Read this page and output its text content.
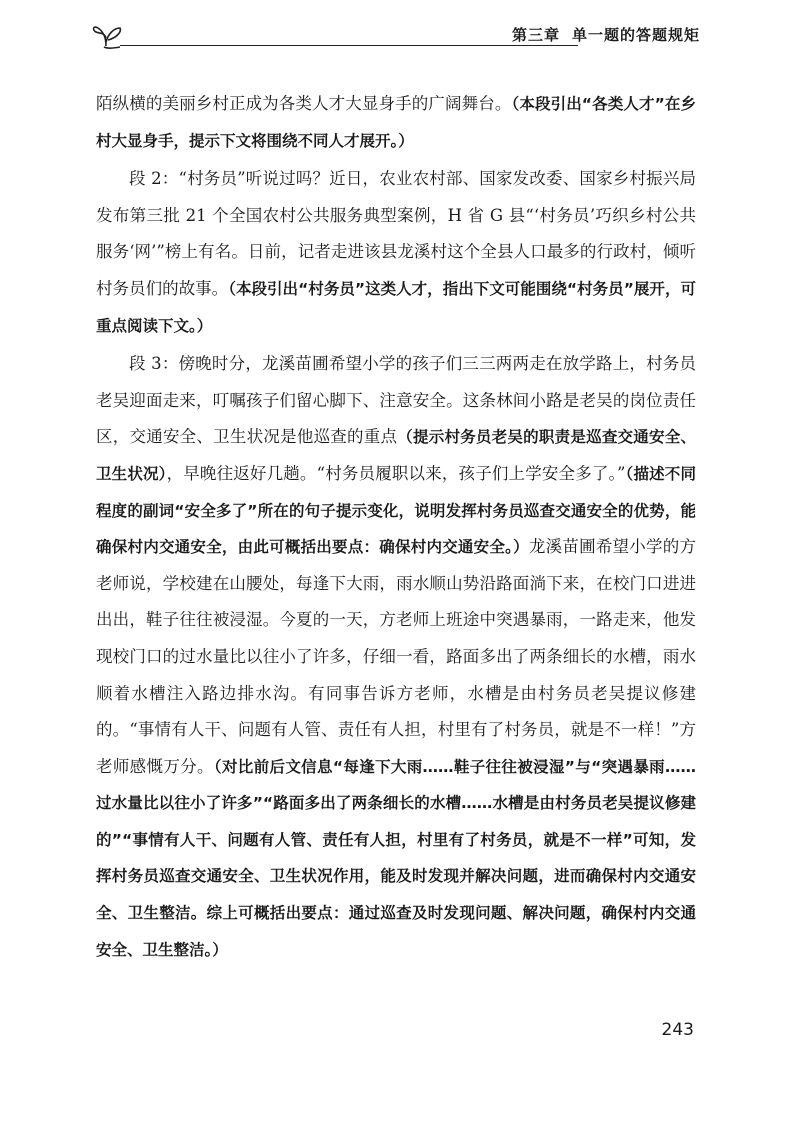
第三章 单一题的答题规矩

陌纵横的美丽乡村正成为各类人才大显身手的广阔舞台。（本段引出“各类人才”在乡村大显身手，提示下文将围绕不同人才展开。）

段 2：“村务员”听说过吗？近日，农业农村部、国家发改委、国家乡村振兴局发布第三批 21 个全国农村公共服务典型案例，H 省 G 县“‘村务员’巧织乡村公共服务‘网’”榜上有名。日前，记者走进该县龙溪村这个全县人口最多的行政村，倾听村务员们的故事。（本段引出“村务员”这类人才，指出下文可能围绕“村务员”展开，可重点阅读下文。）

段 3：傍晚时分，龙溪苗圃希望小学的孩子们三三两两走在放学路上，村务员老吴迎面走来，叮嘱孩子们留心脚下、注意安全。这条林间小路是老吴的岗位责任区，交通安全、卫生状况是他巡查的重点（提示村务员老吴的职责是巡查交通安全、卫生状况），早晚往返好几趟。“村务员履职以来，孩子们上学安全多了。”（描述不同程度的副词“安全多了”所在的句子提示变化，说明发挥村务员巡查交通安全的优势，能确保村内交通安全，由此可概括出要点：确保村内交通安全。）龙溪苗圃希望小学的方老师说，学校建在山腰处，每逢下大雨，雨水顺山势沿路面淌下来，在校门口进进出出，鞋子往往被浸湿。今夏的一天，方老师上班途中突遇暴雨，一路走来，他发现校门口的过水量比以往小了许多，仔细一看，路面多出了两条细长的水槽，雨水顺着水槽注入路边排水沟。有同事告诉方老师，水槽是由村务员老吴提议修建的。“事情有人干、问题有人管、责任有人担，村里有了村务员，就是不一样！”方老师感慨万分。（对比前后文信息“每逢下大雨……鞋子往往被浸湿”与“突遇暴雨……过水量比以往小了许多”“路面多出了两条细长的水槽……水槽是由村务员老吴提议修建的”“事情有人干、问题有人管、责任有人担，村里有了村务员，就是不一样”可知，发挥村务员巡查交通安全、卫生状况作用，能及时发现并解决问题，进而确保村内交通安全、卫生整洁。综上可概括出要点：通过巡查及时发现问题、解决问题，确保村内交通安全、卫生整洁。）

243
